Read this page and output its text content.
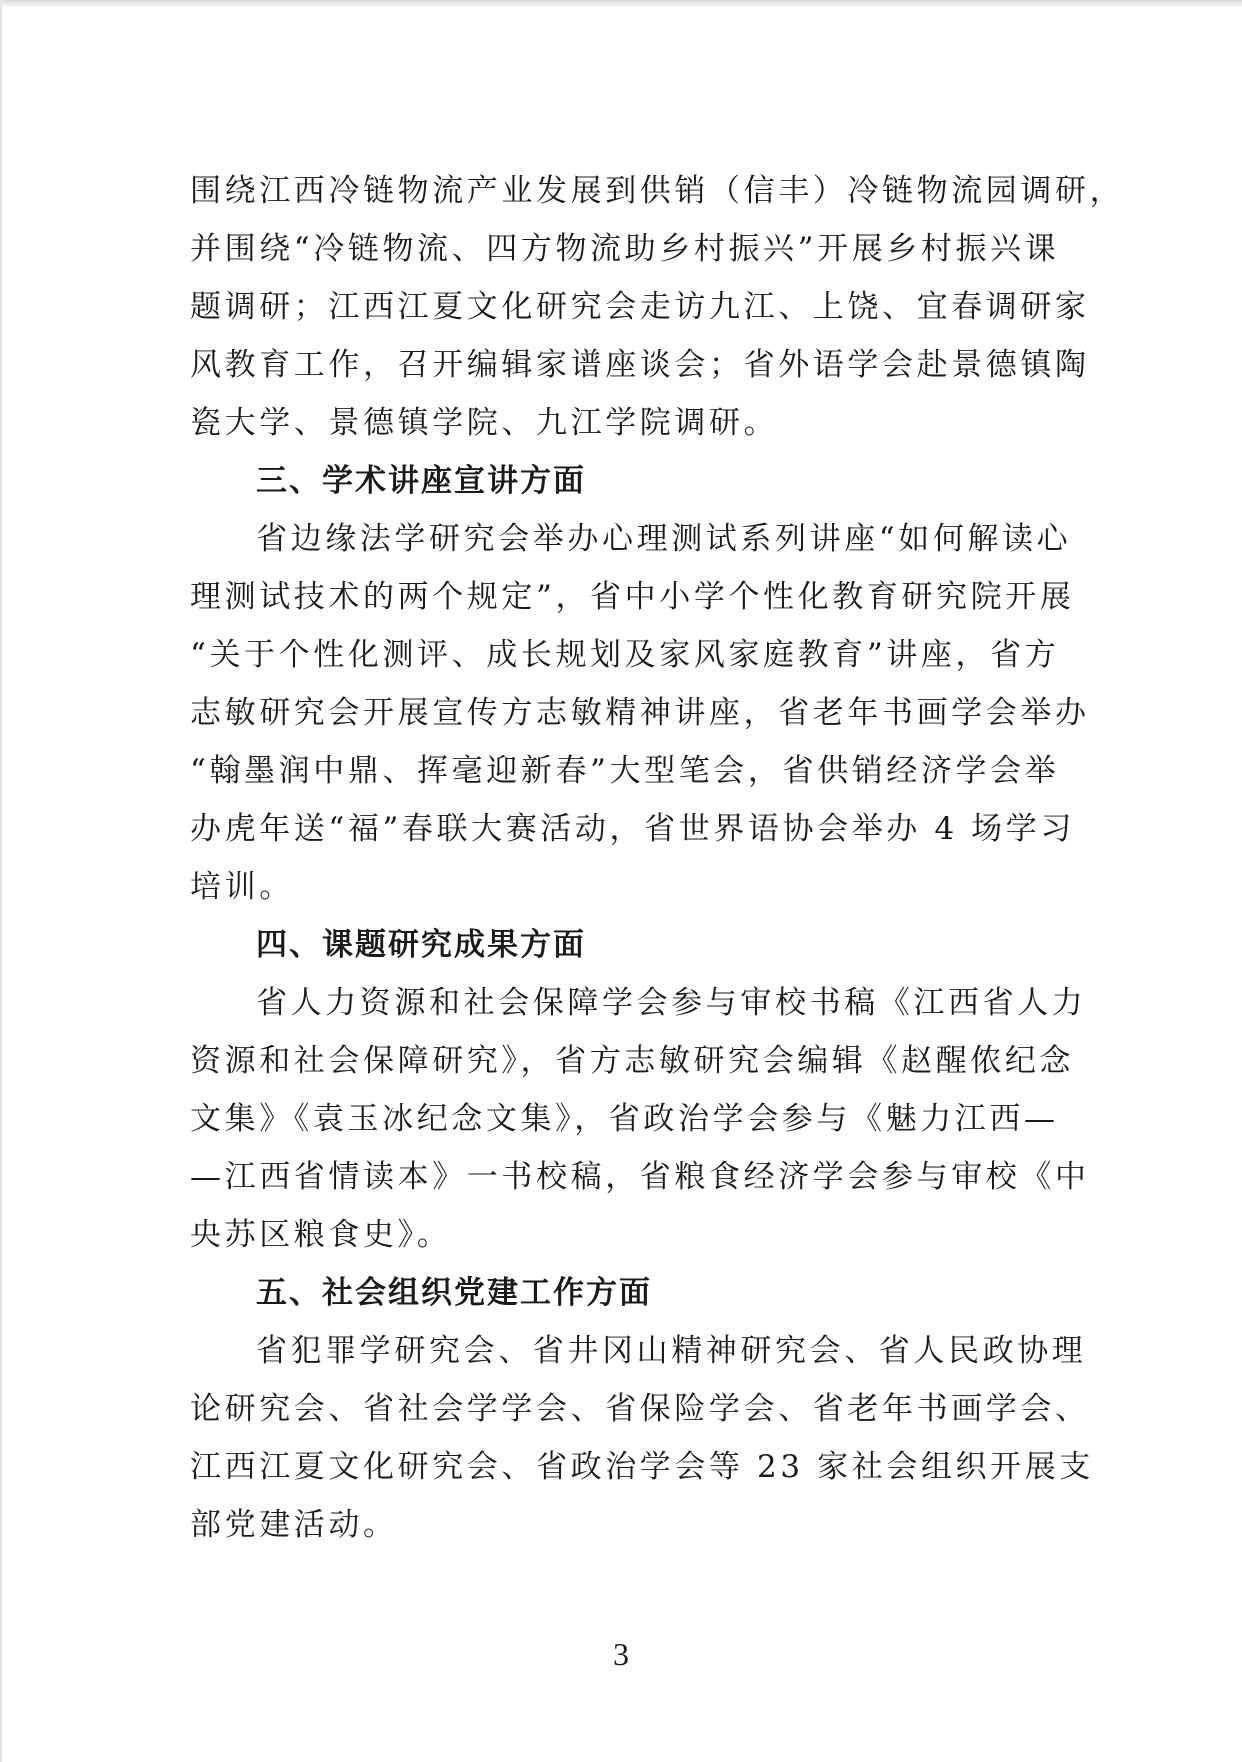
围绕江西冷链物流产业发展到供销（信丰）冷链物流园调研，
并围绕“冷链物流、四方物流助乡村振兴”开展乡村振兴课
题调研；江西江夏文化研究会走访九江、上饶、宜春调研家
风教育工作，召开编辑家谱座谈会；省外语学会赴景德镇陶
瓷大学、景德镇学院、九江学院调研。
三、学术讲座宣讲方面
省边缘法学研究会举办心理测试系列讲座“如何解读心
理测试技术的两个规定”，省中小学个性化教育研究院开展
“关于个性化测评、成长规划及家风家庭教育”讲座，省方
志敏研究会开展宣传方志敏精神讲座，省老年书画学会举办
“翰墨润中鼎、挥毫迎新春”大型笔会，省供销经济学会举
办虎年送“福”春联大赛活动，省世界语协会举办 4 场学习
培训。
四、课题研究成果方面
省人力资源和社会保障学会参与审校书稿《江西省人力
资源和社会保障研究》，省方志敏研究会编辑《赵醒侬纪念
文集》《袁玉冰纪念文集》，省政治学会参与《魅力江西—
—江西省情读本》一书校稿，省粮食经济学会参与审校《中
央苏区粮食史》。
五、社会组织党建工作方面
省犯罪学研究会、省井冈山精神研究会、省人民政协理
论研究会、省社会学学会、省保险学会、省老年书画学会、
江西江夏文化研究会、省政治学会等 23 家社会组织开展支
部党建活动。
3
